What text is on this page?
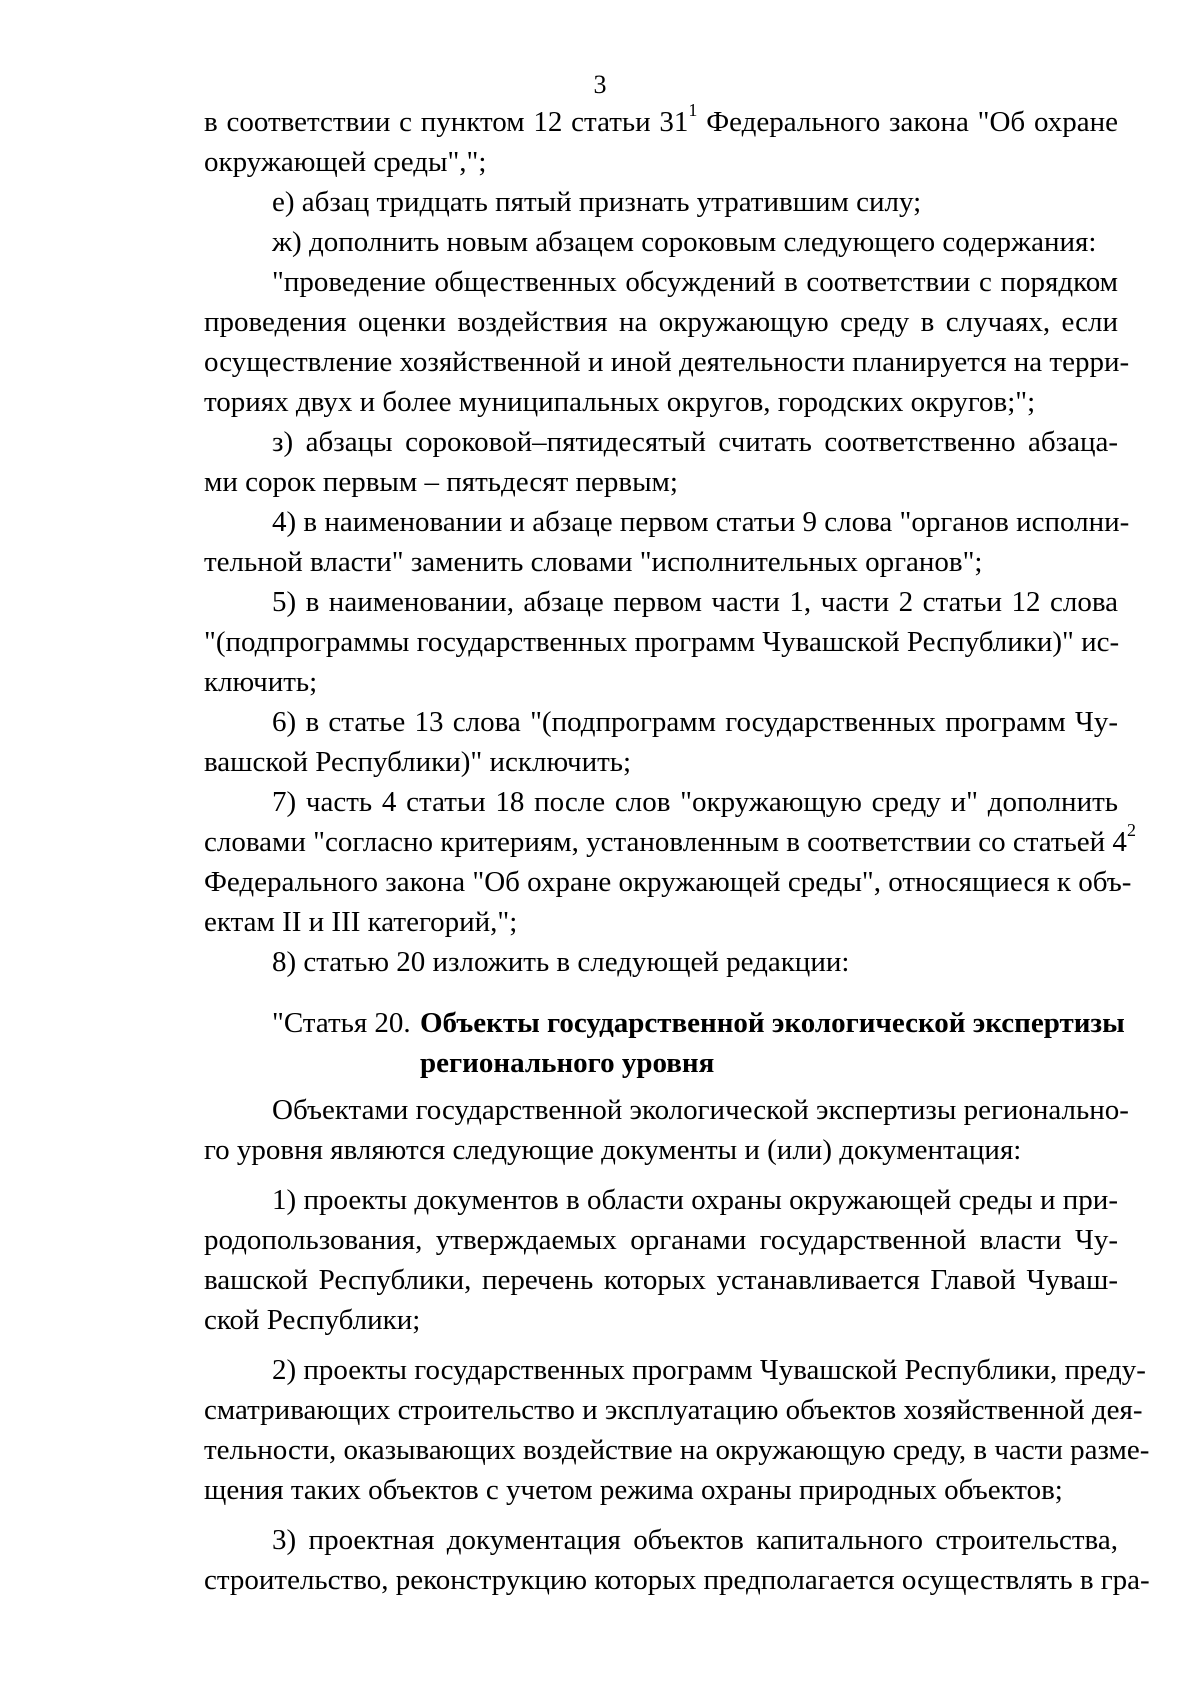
3
в соответствии с пунктом 12 статьи $31^1$ Федерального закона "Об охране
окружающей среды",";
е) абзац тридцать пятый признать утратившим силу;
ж) дополнить новым абзацем сороковым следующего содержания:
"проведение общественных обсуждений в соответствии с порядком
проведения оценки воздействия на окружающую среду в случаях, если
осуществление хозяйственной и иной деятельности планируется на терри-
ториях двух и более муниципальных округов, городских округов;";
з) абзацы сороковой–пятидесятый считать соответственно абзаца-
ми сорок первым – пятьдесят первым;
4) в наименовании и абзаце первом статьи 9 слова "органов исполни-
тельной власти" заменить словами "исполнительных органов";
5) в наименовании, абзаце первом части 1, части 2 статьи 12 слова
"(подпрограммы государственных программ Чувашской Республики)" ис-
ключить;
6) в статье 13 слова "(подпрограмм государственных программ Чу-
вашской Республики)" исключить;
7) часть 4 статьи 18 после слов "окружающую среду и" дополнить
словами "согласно критериям, установленным в соответствии со статьей $4^2$
Федерального закона "Об охране окружающей среды", относящиеся к объ-
ектам II и III категорий,";
8) статью 20 изложить в следующей редакции:
"Статья 20. Объекты государственной экологической экспертизы
регионального уровня
Объектами государственной экологической экспертизы регионально-
го уровня являются следующие документы и (или) документация:
1) проекты документов в области охраны окружающей среды и при-
родопользования, утверждаемых органами государственной власти Чу-
вашской Республики, перечень которых устанавливается Главой Чуваш-
ской Республики;
2) проекты государственных программ Чувашской Республики, преду-
сматривающих строительство и эксплуатацию объектов хозяйственной дея-
тельности, оказывающих воздействие на окружающую среду, в части разме-
щения таких объектов с учетом режима охраны природных объектов;
3) проектная документация объектов капитального строительства,
строительство, реконструкцию которых предполагается осуществлять в гра-
